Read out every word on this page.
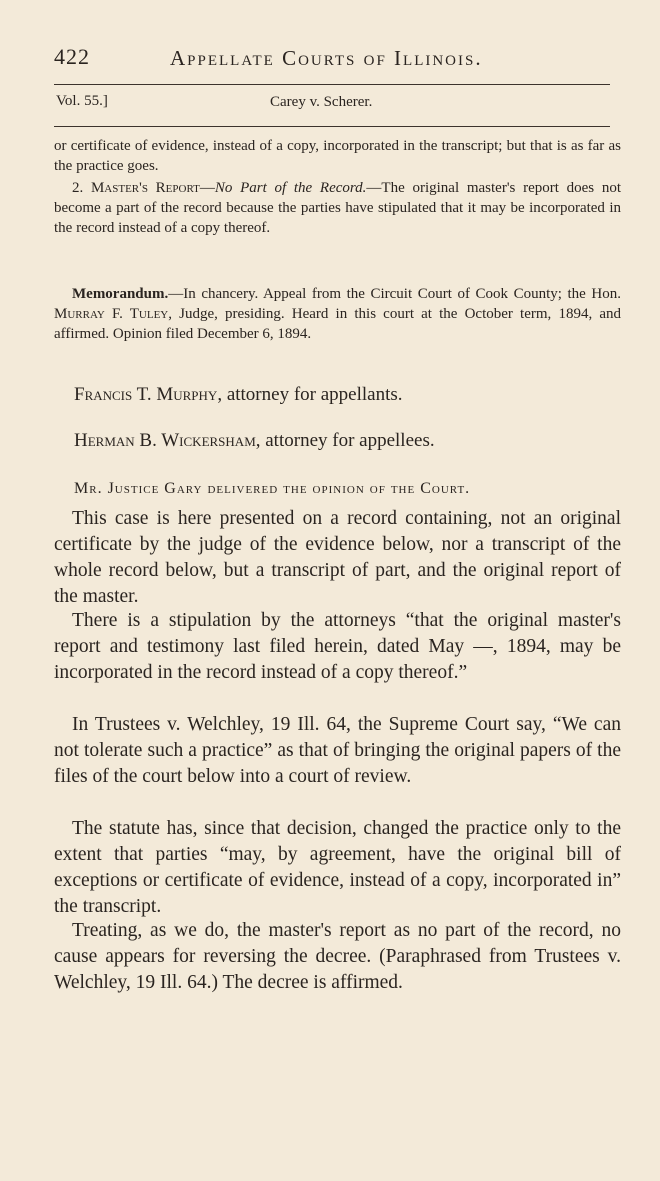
422	Appellate Courts of Illinois.
Vol. 55.]	Carey v. Scherer.

or certificate of evidence, instead of a copy, incorporated in the transcript; but that is as far as the practice goes.

2. Master's Report—No Part of the Record.—The original master's report does not become a part of the record because the parties have stipulated that it may be incorporated in the record instead of a copy thereof.

Memorandum.—In chancery. Appeal from the Circuit Court of Cook County; the Hon. Murray F. Tuley, Judge, presiding. Heard in this court at the October term, 1894, and affirmed. Opinion filed December 6, 1894.

Francis T. Murphy, attorney for appellants.
Herman B. Wickersham, attorney for appellees.
Mr. Justice Gary delivered the opinion of the Court.

This case is here presented on a record containing, not an original certificate by the judge of the evidence below, nor a transcript of the whole record below, but a transcript of part, and the original report of the master.

There is a stipulation by the attorneys “that the original master's report and testimony last filed herein, dated May —, 1894, may be incorporated in the record instead of a copy thereof.”

In Trustees v. Welchley, 19 Ill. 64, the Supreme Court say, “We can not tolerate such a practice” as that of bringing the original papers of the files of the court below into a court of review.

The statute has, since that decision, changed the practice only to the extent that parties “may, by agreement, have the original bill of exceptions or certificate of evidence, instead of a copy, incorporated in” the transcript.

Treating, as we do, the master's report as no part of the record, no cause appears for reversing the decree. (Paraphrased from Trustees v. Welchley, 19 Ill. 64.) The decree is affirmed.
